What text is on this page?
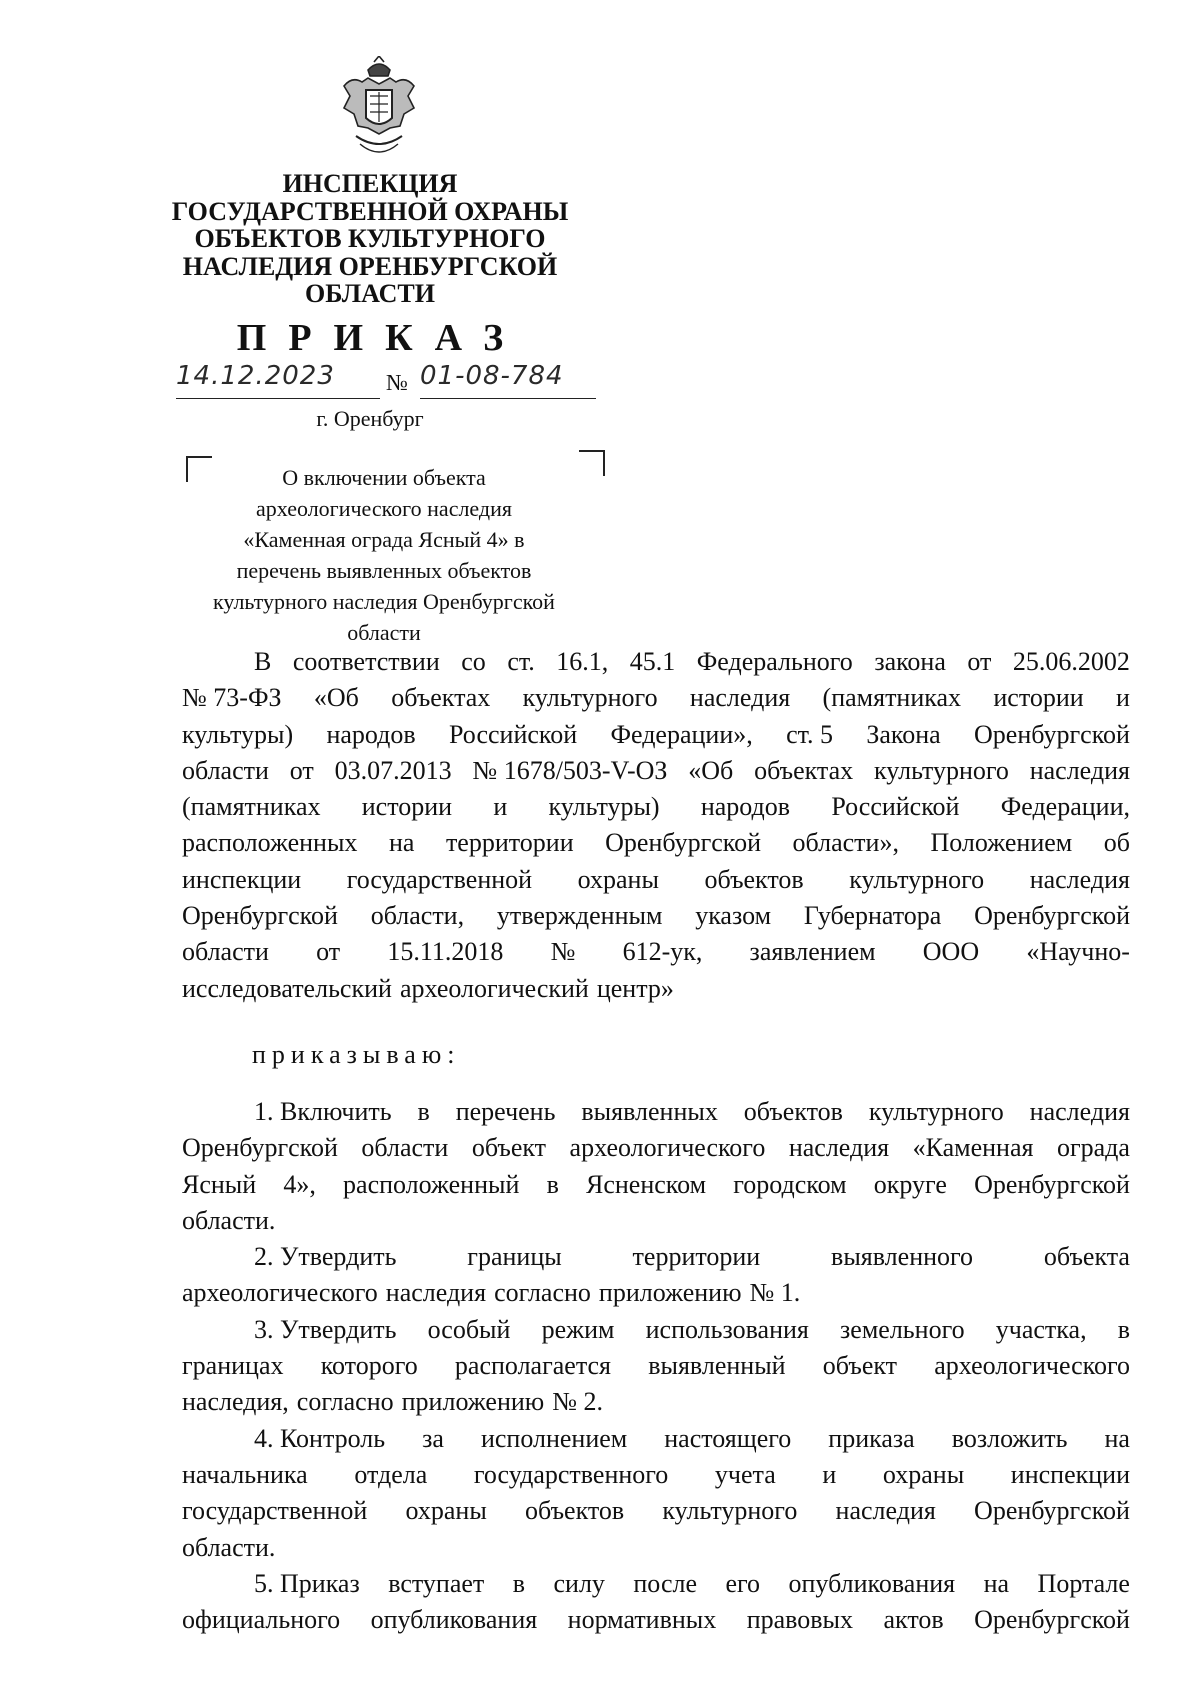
ИНСПЕКЦИЯ
ГОСУДАРСТВЕННОЙ ОХРАНЫ
ОБЪЕКТОВ КУЛЬТУРНОГО
НАСЛЕДИЯ ОРЕНБУРГСКОЙ
ОБЛАСТИ
ПРИКАЗ
14.12.2023	№ 01-08-784
г. Оренбург
О включении объекта
археологического наследия
«Каменная ограда Ясный 4» в
перечень выявленных объектов
культурного наследия Оренбургской
области
В соответствии со ст. 16.1, 45.1 Федерального закона от 25.06.2002
№ 73-ФЗ «Об объектах культурного наследия (памятниках истории и
культуры) народов Российской Федерации», ст. 5 Закона Оренбургской
области от 03.07.2013 № 1678/503-V-ОЗ «Об объектах культурного наследия
(памятниках истории и культуры) народов Российской Федерации,
расположенных на территории Оренбургской области», Положением об
инспекции государственной охраны объектов культурного наследия
Оренбургской области, утвержденным указом Губернатора Оренбургской
области от 15.11.2018 № 612-ук, заявлением ООО «Научно-
исследовательский археологический центр»
приказываю:
1. Включить в перечень выявленных объектов культурного наследия
Оренбургской области объект археологического наследия «Каменная ограда
Ясный 4», расположенный в Ясненском городском округе Оренбургской
области.
2. Утвердить	границы	территории	выявленного	объекта
археологического наследия согласно приложению № 1.
3. Утвердить особый режим использования земельного участка, в
границах которого располагается выявленный объект археологического
наследия, согласно приложению № 2.
4. Контроль за исполнением настоящего приказа возложить на
начальника отдела государственного учета и охраны инспекции
государственной охраны объектов культурного наследия Оренбургской
области.
5. Приказ вступает в силу после его опубликования на Портале
официального опубликования нормативных правовых актов Оренбургской
